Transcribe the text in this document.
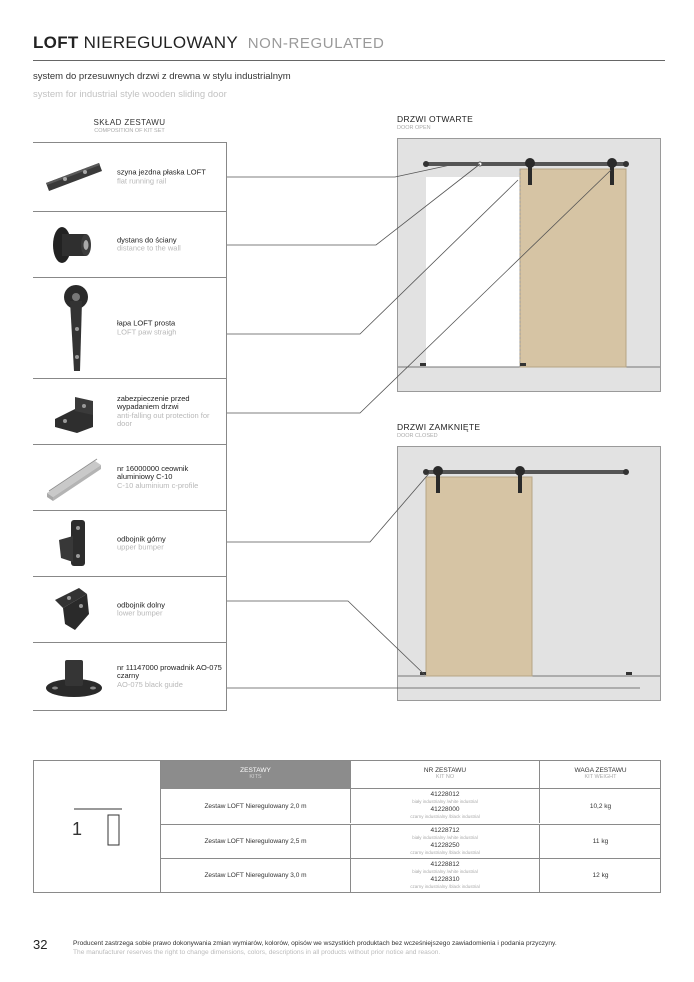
LOFT NIEREGULOWANY NON-REGULATED
system do przesuwnych drzwi z drewna w stylu industrialnym
system for industrial style wooden sliding door
SKŁAD ZESTAWU
COMPOSITION OF KIT SET
szyna jezdna płaska LOFT
flat running rail
dystans do ściany
distance to the wall
łapa LOFT prosta
LOFT paw straigh
zabezpieczenie przed wypadaniem drzwi
anti-falling out protection for door
nr 16000000 ceownik aluminiowy C-10
C-10 aluminium c-profile
odbojnik górny
upper bumper
odbojnik dolny
lower bumper
nr 11147000 prowadnik AO-075 czarny
AO-075 black guide
DRZWI OTWARTE
DOOR OPEN
DRZWI ZAMKNIĘTE
DOOR CLOSED
1
ZESTAWY
KITS
NR ZESTAWU
KIT NO
WAGA ZESTAWU
KIT WEIGHT
Zestaw LOFT Nieregulowany 2,0 m
41228012
biały industrialny /white industrial
41228000
czarny industrialny /black industrial
10,2 kg
Zestaw LOFT Nieregulowany 2,5 m
41228712
biały industrialny /white industrial
41228250
czarny industrialny /black industrial
11 kg
Zestaw LOFT Nieregulowany 3,0 m
41228812
biały industrialny /white industrial
41228310
czarny industrialny /black industrial
12 kg
32	Producent zastrzega sobie prawo dokonywania zmian wymiarów, kolorów, opisów we wszystkich produktach bez wcześniejszego zawiadomienia i podania przyczyny.
The manufacturer reserves the right to change dimensions, colors, descriptions in all products without prior notice and reason.
